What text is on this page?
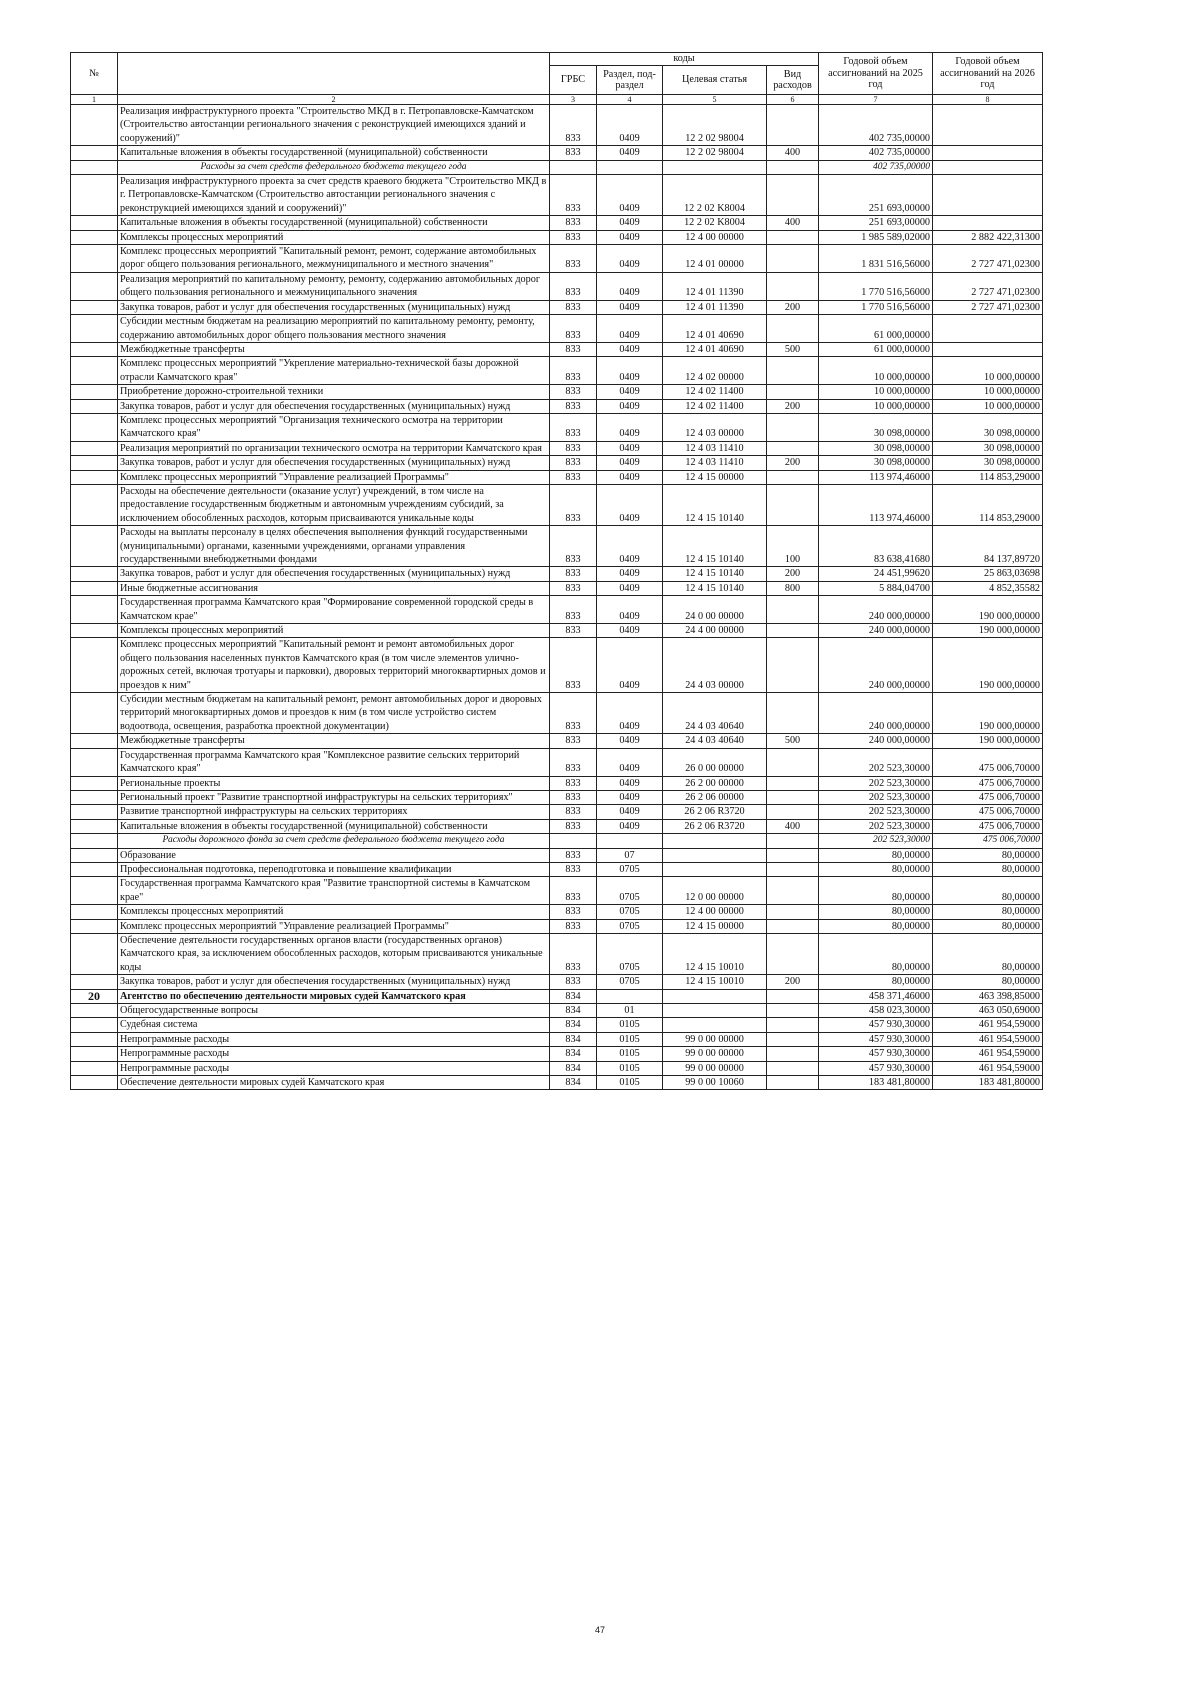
№		коды				Годовой объем ассигнований на 2025 год	Годовой объем ассигнований на 2026 год	
		ГРБС	Раздел, под-раздел	Целевая статья	Вид расходов			
1	2	3	4	5	6	7	8	
	Реализация инфраструктурного проекта "Строительство МКД в г. Петропавловске-Камчатском (Строительство автостанции регионального значения с реконструкцией имеющихся зданий и сооружений)"	833	0409	12 2 02 98004		402 735,00000		
	Капитальные вложения в объекты государственной (муниципальной) собственности	833	0409	12 2 02 98004	400	402 735,00000		
	Расходы за счет средств федерального бюджета текущего года					402 735,00000		
	Реализация инфраструктурного проекта за счет средств краевого бюджета "Строительство МКД в г. Петропавловске-Камчатском (Строительство автостанции регионального значения с реконструкцией имеющихся зданий и сооружений)"	833	0409	12 2 02 K8004		251 693,00000		
	Капитальные вложения в объекты государственной (муниципальной) собственности	833	0409	12 2 02 K8004	400	251 693,00000		
	Комплексы процессных мероприятий	833	0409	12 4 00 00000		1 985 589,02000	2 882 422,31300	
	Комплекс процессных мероприятий "Капитальный ремонт, ремонт, содержание автомобильных дорог общего пользования регионального, межмуниципального и местного значения"	833	0409	12 4 01 00000		1 831 516,56000	2 727 471,02300	
	Реализация мероприятий по капитальному ремонту, ремонту, содержанию автомобильных дорог общего пользования регионального и межмуниципального значения	833	0409	12 4 01 11390		1 770 516,56000	2 727 471,02300	
	Закупка товаров, работ и услуг для обеспечения государственных (муниципальных) нужд	833	0409	12 4 01 11390	200	1 770 516,56000	2 727 471,02300	
	Субсидии местным бюджетам на реализацию мероприятий по капитальному ремонту, ремонту, содержанию автомобильных дорог общего пользования местного значения	833	0409	12 4 01 40690		61 000,00000		
	Межбюджетные трансферты	833	0409	12 4 01 40690	500	61 000,00000		
	Комплекс процессных мероприятий "Укрепление материально-технической базы дорожной отрасли Камчатского края"	833	0409	12 4 02 00000		10 000,00000	10 000,00000	
	Приобретение дорожно-строительной техники	833	0409	12 4 02 11400		10 000,00000	10 000,00000	
	Закупка товаров, работ и услуг для обеспечения государственных (муниципальных) нужд	833	0409	12 4 02 11400	200	10 000,00000	10 000,00000	
	Комплекс процессных мероприятий "Организация технического осмотра на территории Камчатского края"	833	0409	12 4 03 00000		30 098,00000	30 098,00000	
	Реализация мероприятий по организации технического осмотра на территории Камчатского края	833	0409	12 4 03 11410		30 098,00000	30 098,00000	
	Закупка товаров, работ и услуг для обеспечения государственных (муниципальных) нужд	833	0409	12 4 03 11410	200	30 098,00000	30 098,00000	
	Комплекс процессных мероприятий "Управление реализацией Программы"	833	0409	12 4 15 00000		113 974,46000	114 853,29000	
	Расходы на обеспечение деятельности (оказание услуг) учреждений, в том числе на предоставление государственным бюджетным и автономным учреждениям субсидий, за исключением обособленных расходов, которым присваиваются уникальные коды	833	0409	12 4 15 10140		113 974,46000	114 853,29000	
	Расходы на выплаты персоналу в целях обеспечения выполнения функций государственными (муниципальными) органами, казенными учреждениями, органами управления государственными внебюджетными фондами	833	0409	12 4 15 10140	100	83 638,41680	84 137,89720	
	Закупка товаров, работ и услуг для обеспечения государственных (муниципальных) нужд	833	0409	12 4 15 10140	200	24 451,99620	25 863,03698	
	Иные бюджетные ассигнования	833	0409	12 4 15 10140	800	5 884,04700	4 852,35582	
	Государственная программа Камчатского края "Формирование современной городской среды в Камчатском крае"	833	0409	24 0 00 00000		240 000,00000	190 000,00000	
	Комплексы процессных мероприятий	833	0409	24 4 00 00000		240 000,00000	190 000,00000	
	Комплекс процессных мероприятий "Капитальный ремонт и ремонт автомобильных дорог общего пользования населенных пунктов Камчатского края (в том числе элементов улично-дорожных сетей, включая тротуары и парковки), дворовых территорий многоквартирных домов и проездов к ним"	833	0409	24 4 03 00000		240 000,00000	190 000,00000	
	Субсидии местным бюджетам на капитальный ремонт, ремонт автомобильных дорог и дворовых территорий многоквартирных домов и проездов к ним (в том числе устройство систем водоотвода, освещения, разработка проектной документации)	833	0409	24 4 03 40640		240 000,00000	190 000,00000	
	Межбюджетные трансферты	833	0409	24 4 03 40640	500	240 000,00000	190 000,00000	
	Государственная программа Камчатского края "Комплексное развитие сельских территорий Камчатского края"	833	0409	26 0 00 00000		202 523,30000	475 006,70000	
	Региональные проекты	833	0409	26 2 00 00000		202 523,30000	475 006,70000	
	Региональный проект "Развитие транспортной инфраструктуры на сельских территориях"	833	0409	26 2 06 00000		202 523,30000	475 006,70000	
	Развитие транспортной инфраструктуры на сельских территориях	833	0409	26 2 06 R3720		202 523,30000	475 006,70000	
	Капитальные вложения в объекты государственной (муниципальной) собственности	833	0409	26 2 06 R3720	400	202 523,30000	475 006,70000	
	Расходы дорожного фонда за счет средств федерального бюджета текущего года					202 523,30000	475 006,70000	
	Образование	833	07			80,00000	80,00000	
	Профессиональная подготовка, переподготовка и повышение квалификации	833	0705			80,00000	80,00000	
	Государственная программа Камчатского края "Развитие транспортной системы в Камчатском крае"	833	0705	12 0 00 00000		80,00000	80,00000	
	Комплексы процессных мероприятий	833	0705	12 4 00 00000		80,00000	80,00000	
	Комплекс процессных мероприятий "Управление реализацией Программы"	833	0705	12 4 15 00000		80,00000	80,00000	
	Обеспечение деятельности государственных органов власти (государственных органов) Камчатского края, за исключением обособленных расходов, которым присваиваются уникальные коды	833	0705	12 4 15 10010		80,00000	80,00000	
	Закупка товаров, работ и услуг для обеспечения государственных (муниципальных) нужд	833	0705	12 4 15 10010	200	80,00000	80,00000	
20	Агентство по обеспечению деятельности мировых судей Камчатского края	834				458 371,46000	463 398,85000	
	Общегосударственные вопросы	834	01			458 023,30000	463 050,69000	
	Судебная система	834	0105			457 930,30000	461 954,59000	
	Непрограммные расходы	834	0105	99 0 00 00000		457 930,30000	461 954,59000	
	Непрограммные расходы	834	0105	99 0 00 00000		457 930,30000	461 954,59000	
	Непрограммные расходы	834	0105	99 0 00 00000		457 930,30000	461 954,59000	
	Обеспечение деятельности мировых судей Камчатского края	834	0105	99 0 00 10060		183 481,80000	183 481,80000	
47
